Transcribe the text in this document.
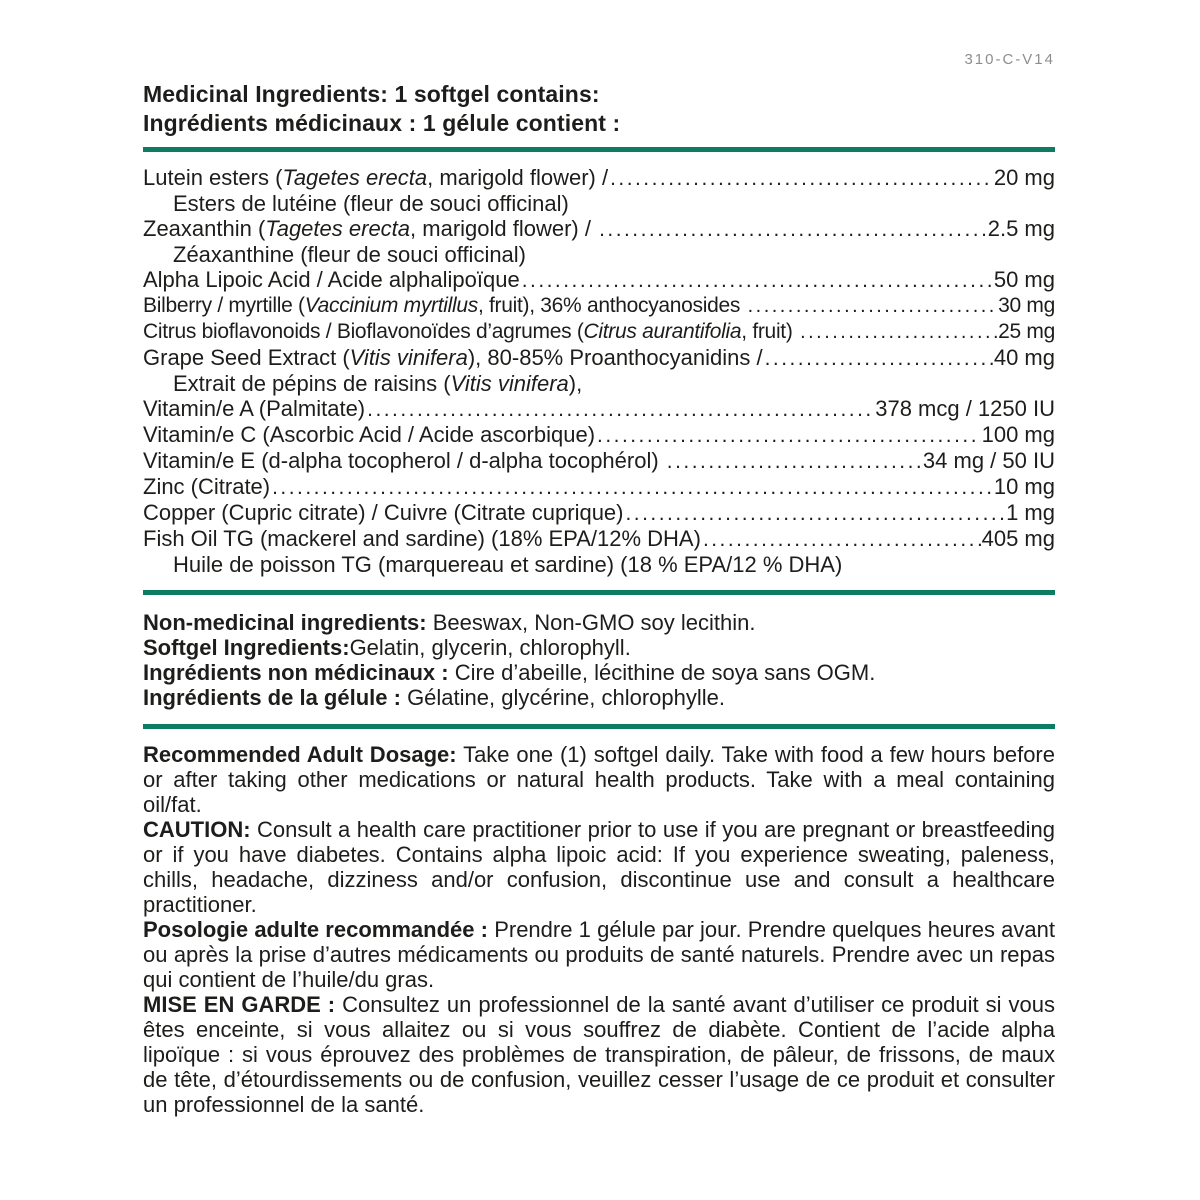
310-C-V14
Medicinal Ingredients: 1 softgel contains:
Ingrédients médicinaux : 1 gélule contient :
Lutein esters (Tagetes erecta, marigold flower) / .....	20 mg
Esters de lutéine (fleur de souci officinal)
Zeaxanthin (Tagetes erecta, marigold flower) / .....	2.5 mg
Zéaxanthine (fleur de souci officinal)
Alpha Lipoic Acid / Acide alphalipoïque .....	50 mg
Bilberry / myrtille (Vaccinium myrtillus, fruit), 36% anthocyanosides .....	30 mg
Citrus bioflavonoids / Bioflavonoïdes d’agrumes (Citrus aurantifolia, fruit) .....	25 mg
Grape Seed Extract (Vitis vinifera), 80-85% Proanthocyanidins / .....	40 mg
Extrait de pépins de raisins (Vitis vinifera),
Vitamin/e A (Palmitate) .....	378 mcg / 1250 IU
Vitamin/e C (Ascorbic Acid / Acide ascorbique) .....	100 mg
Vitamin/e E (d-alpha tocopherol / d-alpha tocophérol) .....	34 mg / 50 IU
Zinc (Citrate) .....	10 mg
Copper (Cupric citrate) / Cuivre (Citrate cuprique) .....	1 mg
Fish Oil TG (mackerel and sardine) (18% EPA/12% DHA) .....	405 mg
Huile de poisson TG (marquereau et sardine) (18 % EPA/12 % DHA)

Non-medicinal ingredients: Beeswax, Non-GMO soy lecithin.

Softgel Ingredients:Gelatin, glycerin, chlorophyll.

Ingrédients non médicinaux : Cire d’abeille, lécithine de soya sans OGM.

Ingrédients de la gélule : Gélatine, glycérine, chlorophylle.

Recommended Adult Dosage: Take one (1) softgel daily. Take with food a few hours before or after taking other medications or natural health products. Take with a meal containing oil/fat.

CAUTION: Consult a health care practitioner prior to use if you are pregnant or breastfeeding or if you have diabetes. Contains alpha lipoic acid: If you experience sweating, paleness, chills, headache, dizziness and/or confusion, discontinue use and consult a healthcare practitioner.

Posologie adulte recommandée : Prendre 1 gélule par jour. Prendre quelques heures avant ou après la prise d’autres médicaments ou produits de santé naturels. Prendre avec un repas qui contient de l’huile/du gras.

MISE EN GARDE : Consultez un professionnel de la santé avant d’utiliser ce produit si vous êtes enceinte, si vous allaitez ou si vous souffrez de diabète. Contient de l’acide alpha lipoïque : si vous éprouvez des problèmes de transpiration, de pâleur, de frissons, de maux de tête, d’étourdissements ou de confusion, veuillez cesser l’usage de ce produit et consulter un professionnel de la santé.
